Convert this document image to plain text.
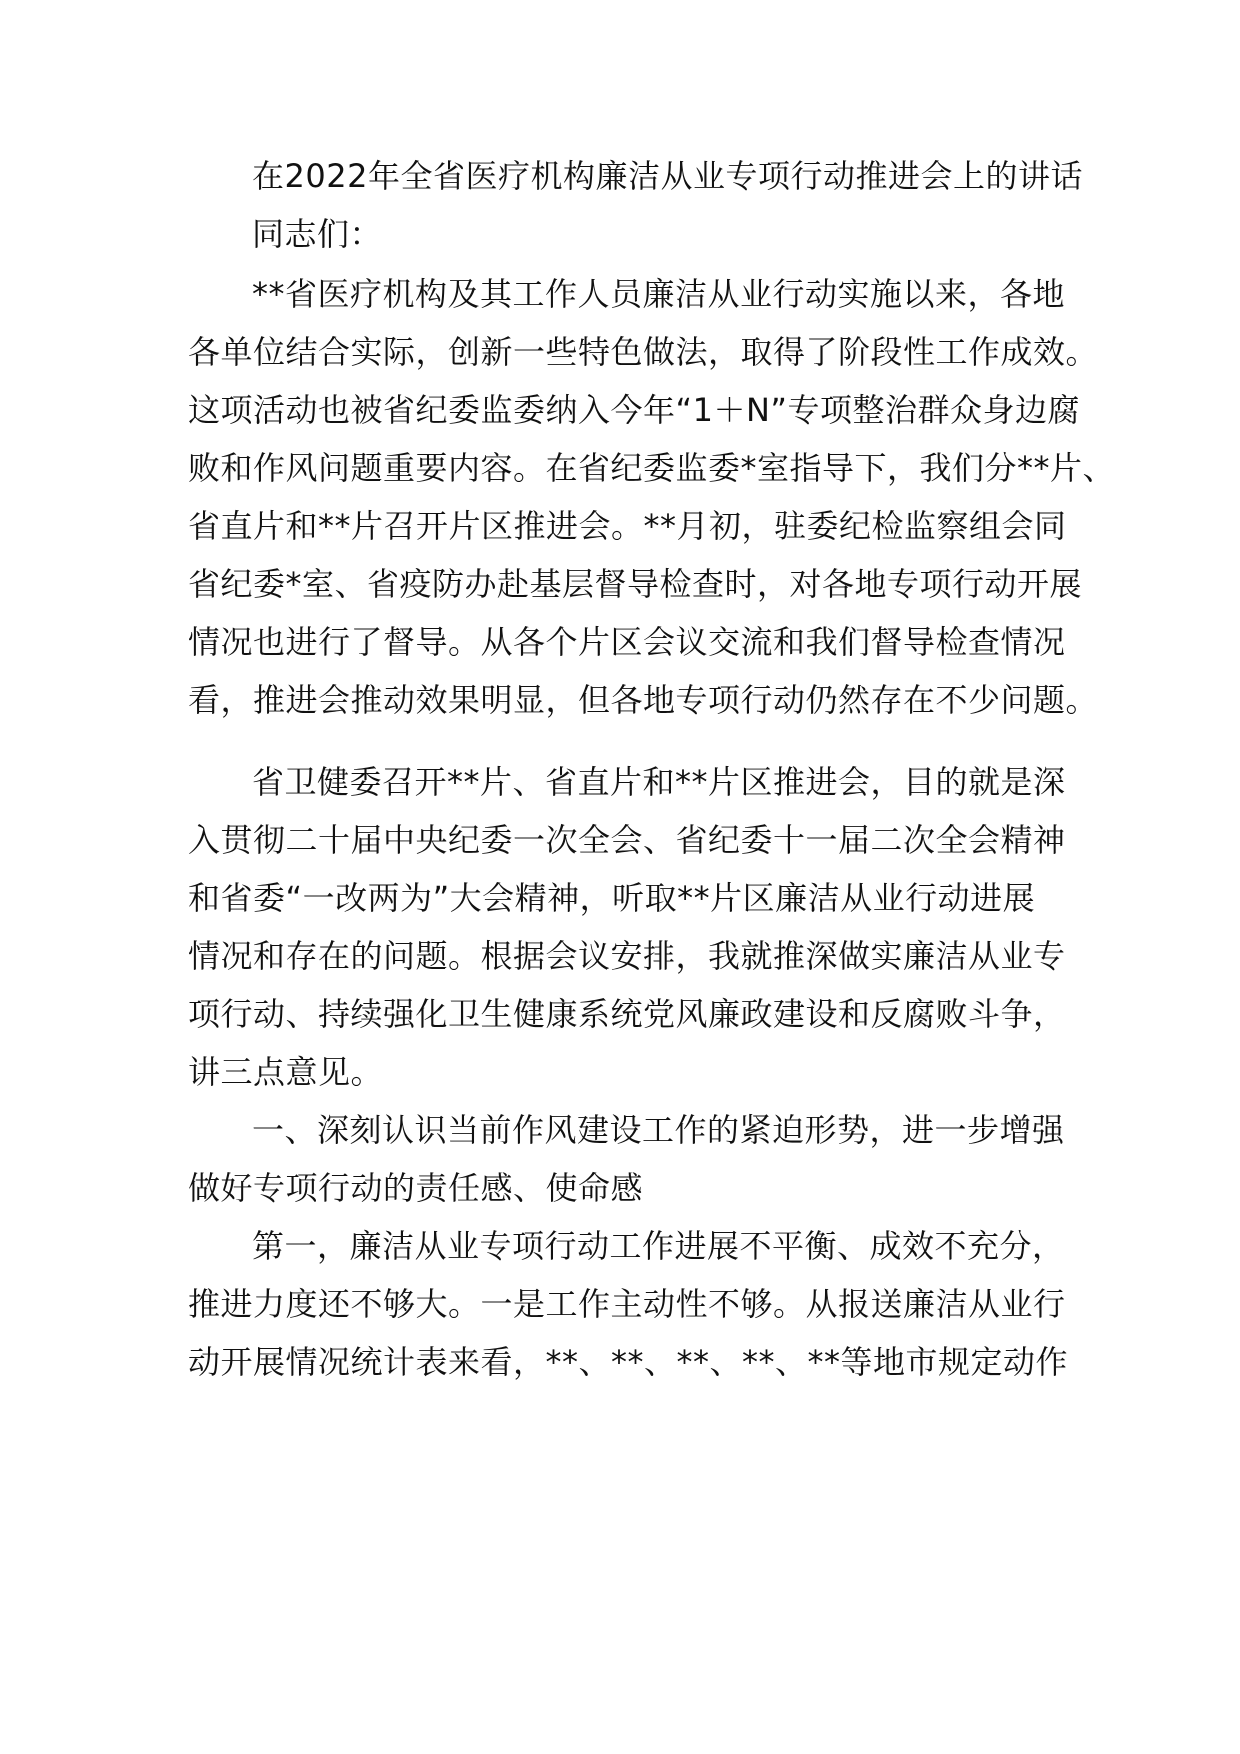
在2022年全省医疗机构廉洁从业专项行动推进会上的讲话
同志们：
**省医疗机构及其工作人员廉洁从业行动实施以来，各地
各单位结合实际，创新一些特色做法，取得了阶段性工作成效。
这项活动也被省纪委监委纳入今年“1＋N”专项整治群众身边腐
败和作风问题重要内容。在省纪委监委*室指导下，我们分**片、
省直片和**片召开片区推进会。**月初，驻委纪检监察组会同
省纪委*室、省疫防办赴基层督导检查时，对各地专项行动开展
情况也进行了督导。从各个片区会议交流和我们督导检查情况
看，推进会推动效果明显，但各地专项行动仍然存在不少问题。
省卫健委召开**片、省直片和**片区推进会，目的就是深
入贯彻二十届中央纪委一次全会、省纪委十一届二次全会精神
和省委“一改两为”大会精神，听取**片区廉洁从业行动进展
情况和存在的问题。根据会议安排，我就推深做实廉洁从业专
项行动、持续强化卫生健康系统党风廉政建设和反腐败斗争，
讲三点意见。
一、深刻认识当前作风建设工作的紧迫形势，进一步增强
做好专项行动的责任感、使命感
第一，廉洁从业专项行动工作进展不平衡、成效不充分，
推进力度还不够大。一是工作主动性不够。从报送廉洁从业行
动开展情况统计表来看，**、**、**、**、**等地市规定动作
